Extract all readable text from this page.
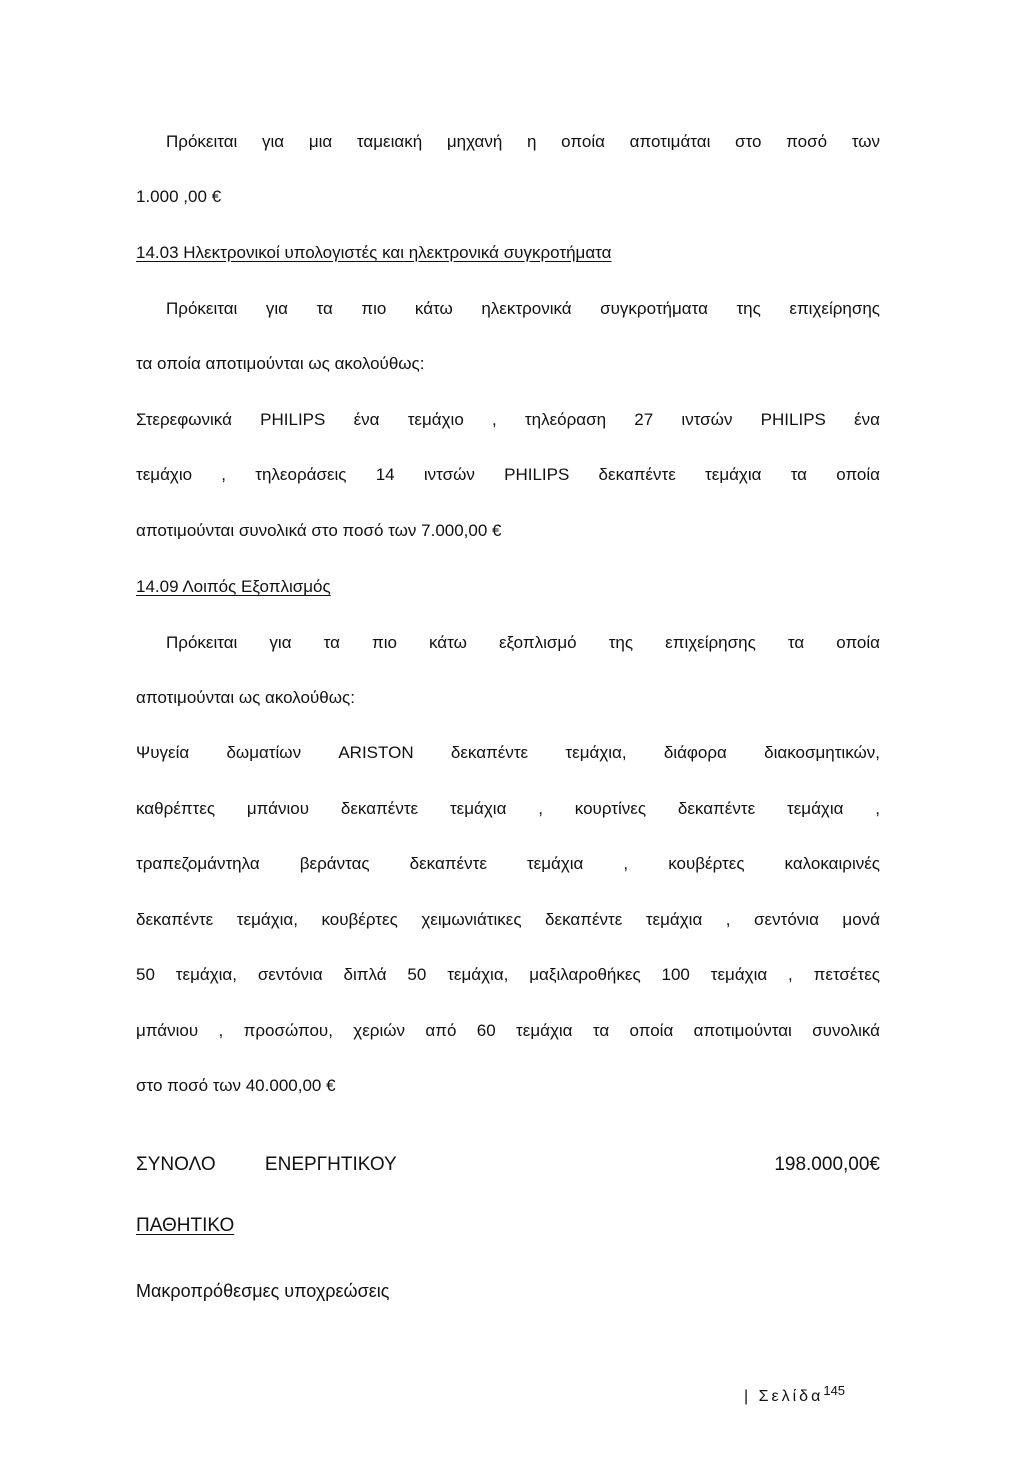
Πρόκειται για μια ταμειακή μηχανή η οποία αποτιμάται στο ποσό των
1.000 ,00 €
14.03 Ηλεκτρονικοί υπολογιστές και ηλεκτρονικά συγκροτήματα
Πρόκειται για τα πιο κάτω ηλεκτρονικά συγκροτήματα της επιχείρησης
τα οποία αποτιμούνται ως ακολούθως:
Στερεφωνικά PHILIPS ένα τεμάχιο , τηλεόραση 27 ιντσών PHILIPS ένα
τεμάχιο , τηλεοράσεις 14 ιντσών PHILIPS δεκαπέντε τεμάχια τα οποία
αποτιμούνται συνολικά στο ποσό των 7.000,00 €
14.09 Λοιπός Εξοπλισμός
Πρόκειται για τα πιο κάτω εξοπλισμό της επιχείρησης τα οποία
αποτιμούνται ως ακολούθως:
Ψυγεία δωματίων ARISTON δεκαπέντε τεμάχια, διάφορα διακοσμητικών,
καθρέπτες μπάνιου δεκαπέντε τεμάχια , κουρτίνες δεκαπέντε τεμάχια ,
τραπεζομάντηλα βεράντας δεκαπέντε τεμάχια , κουβέρτες καλοκαιρινές
δεκαπέντε τεμάχια, κουβέρτες χειμωνιάτικες δεκαπέντε τεμάχια , σεντόνια μονά
50 τεμάχια, σεντόνια διπλά 50 τεμάχια, μαξιλαροθήκες 100 τεμάχια , πετσέτες
μπάνιου , προσώπου, χεριών από 60 τεμάχια τα οποία αποτιμούνται συνολικά
στο ποσό των 40.000,00 €
ΣΥΝΟΛΟ ΕΝΕΡΓΗΤΙΚΟΥ	198.000,00€
ΠΑΘΗΤΙΚΟ
Μακροπρόθεσμες υποχρεώσεις
| Σελίδα$^{145}$
